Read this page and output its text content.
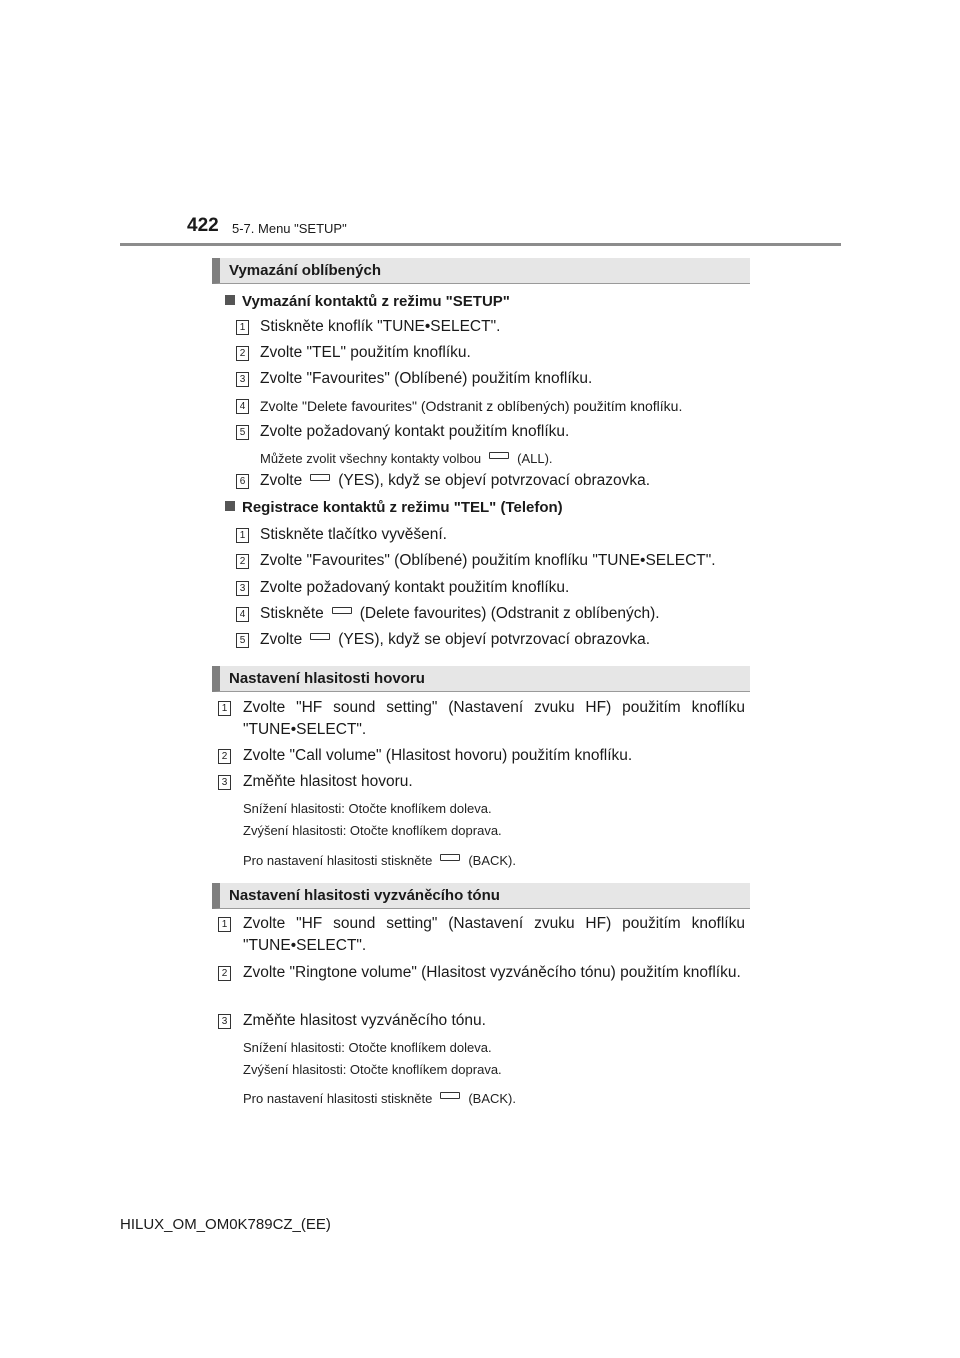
422 5-7. Menu "SETUP"
Vymazání oblíbených
Vymazání kontaktů z režimu "SETUP"
1 Stiskněte knoflík "TUNE•SELECT".
2 Zvolte "TEL" použitím knoflíku.
3 Zvolte "Favourites" (Oblíbené) použitím knoflíku.
4 Zvolte "Delete favourites" (Odstranit z oblíbených) použitím knoflíku.
5 Zvolte požadovaný kontakt použitím knoflíku.
Můžete zvolit všechny kontakty volbou	(ALL).
6 Zvolte (YES), když se objeví potvrzovací obrazovka.
Registrace kontaktů z režimu "TEL" (Telefon)
1 Stiskněte tlačítko vyvěšení.
2 Zvolte "Favourites" (Oblíbené) použitím knoflíku "TUNE•SELECT".
3 Zvolte požadovaný kontakt použitím knoflíku.
4 Stiskněte (Delete favourites) (Odstranit z oblíbených).
5 Zvolte (YES), když se objeví potvrzovací obrazovka.
Nastavení hlasitosti hovoru
1 Zvolte "HF sound setting" (Nastavení zvuku HF) použitím knoflíku "TUNE•SELECT".
2 Zvolte "Call volume" (Hlasitost hovoru) použitím knoflíku.
3 Změňte hlasitost hovoru.
Snížení hlasitosti: Otočte knoflíkem doleva.
Zvýšení hlasitosti: Otočte knoflíkem doprava.
Pro nastavení hlasitosti stiskněte	(BACK).
Nastavení hlasitosti vyzváněcího tónu
1 Zvolte "HF sound setting" (Nastavení zvuku HF) použitím knoflíku "TUNE•SELECT".
2 Zvolte "Ringtone volume" (Hlasitost vyzváněcího tónu) použitím knoflíku.
3 Změňte hlasitost vyzváněcího tónu.
Snížení hlasitosti: Otočte knoflíkem doleva.
Zvýšení hlasitosti: Otočte knoflíkem doprava.
Pro nastavení hlasitosti stiskněte	(BACK).
HILUX_OM_OM0K789CZ_(EE)
